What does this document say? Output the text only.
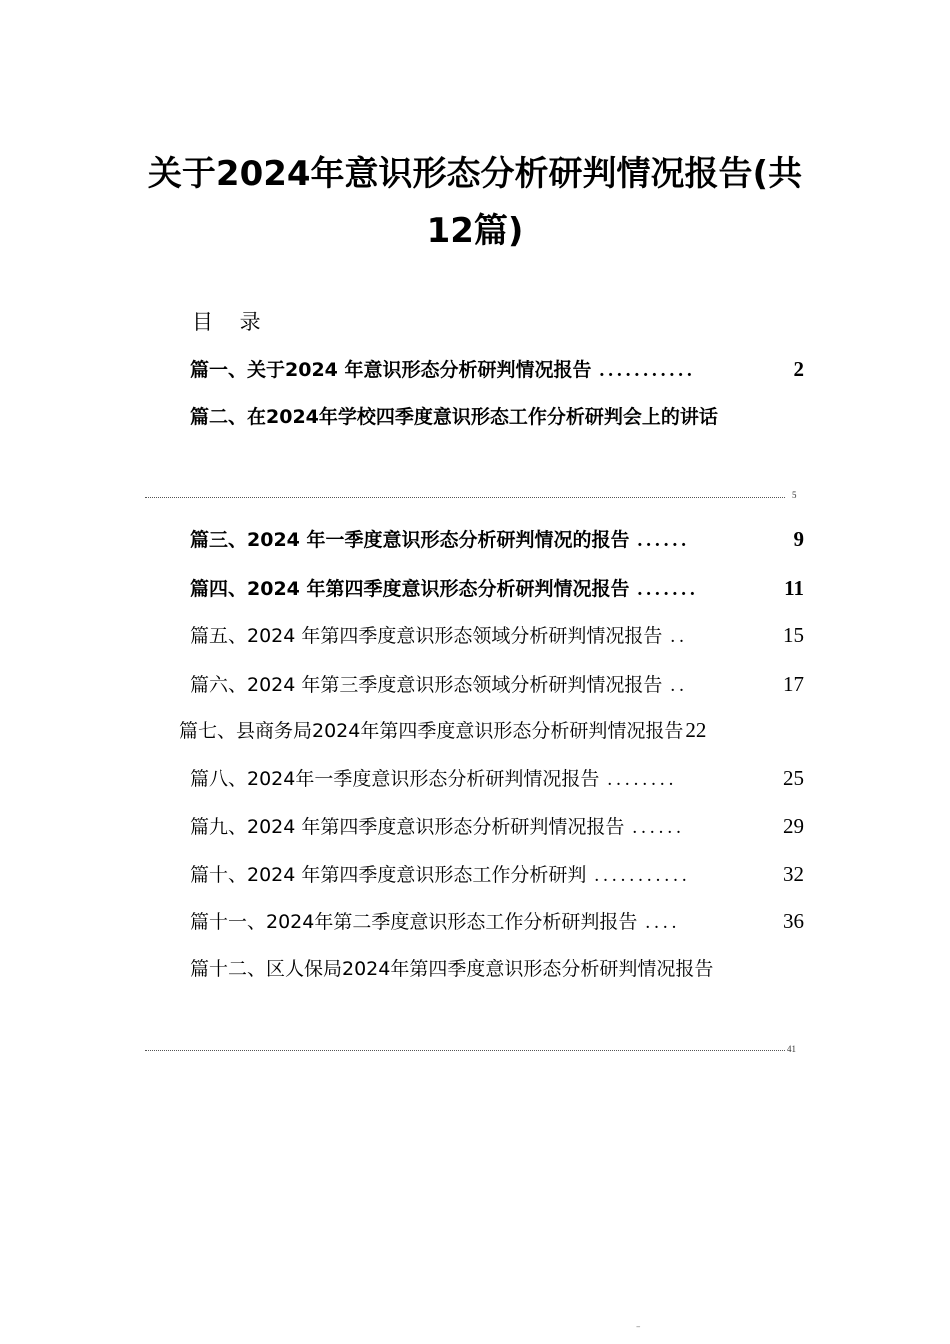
关于2024年意识形态分析研判情况报告(共
12篇)
目 录
篇一、关于2024 年意识形态分析研判情况报告 ...........	2
篇二、在2024年学校四季度意识形态工作分析研判会上的讲话
5
篇三、2024 年一季度意识形态分析研判情况的报告 ......	9
篇四、2024 年第四季度意识形态分析研判情况报告 .......	11
篇五、2024 年第四季度意识形态领域分析研判情况报告 ..	15
篇六、2024 年第三季度意识形态领域分析研判情况报告 ..	17
篇七、县商务局2024年第四季度意识形态分析研判情况报告 22
篇八、2024年一季度意识形态分析研判情况报告 ........	25
篇九、2024 年第四季度意识形态分析研判情况报告 ......	29
篇十、2024 年第四季度意识形态工作分析研判 ...........	32
篇十一、2024年第二季度意识形态工作分析研判报告 ....	36
篇十二、区人保局2024年第四季度意识形态分析研判情况报告
41
–
